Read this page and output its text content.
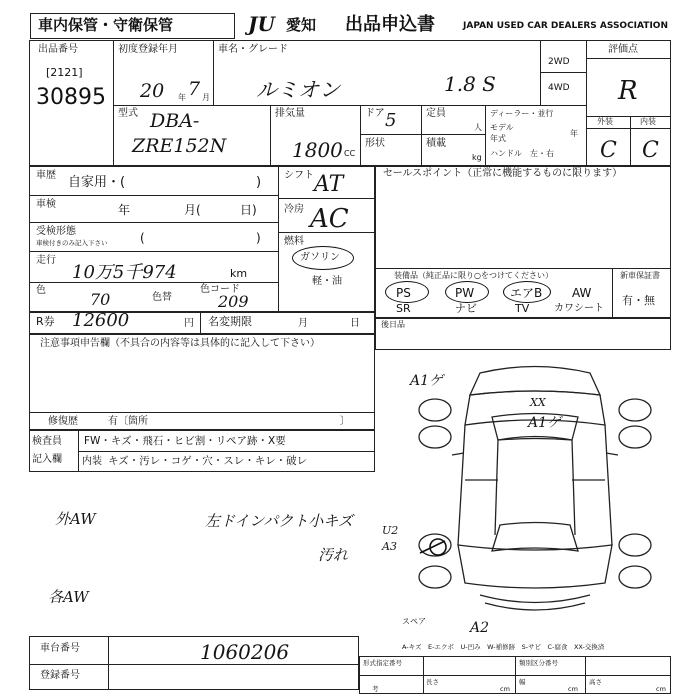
車内保管・守衛保管	JU 愛知 出品申込書	JAPAN USED CAR DEALERS ASSOCIATION
出品番号
[2121]
30895
初度登録年月
20 年 7 月
車名・グレード
ルミオン	1.8 S
2WD
4WD
評価点
R
外装	内装
C C
型式 DBA-
ZRE152N
排気量
1800 CC
ドア 5	定員
人
形状	積載
kg
ディーラー・並行
モデル
年式
年
ハンドル　左・右
車歴 自家用・(	)
車検	年	月(	日)
受検形態
車検付きのみ記入下さい	(	)
走行
10万5千974	km
色	70	色替
色コード
209
シフト AT
冷房 AC
燃料
ガソリン
軽・油
セールスポイント（正常に機能するものに限ります）
装備品（純正品に限り○をつけてください）	新車保証書
有・無
PS	PW	エアB AW
SR	ナビ	TV カワシート
R券 12600	円 名変期限	月	日
注意事項申告欄（不具合の内容等は具体的に記入して下さい）
修復歴	有〔箇所	〕
検査員
記入欄
FW・キズ・飛石・ヒビ割・リペア跡・X要
内装 キズ・汚レ・コゲ・穴・スレ・キレ・破レ
後日品
外AW	左ドインパクト小キズ
汚れ
各AW
A1ゲ
XX
A1ゲ
U2
A3
A2
スペア
A-キズ　E-エクボ　U-凹み　W-補修跡　S-サビ　C-腐食　XX-交換済
車台番号	1060206
登録番号
形式指定番号	類別区分番号
考
長さ
cm
幅
cm
高さ
cm
